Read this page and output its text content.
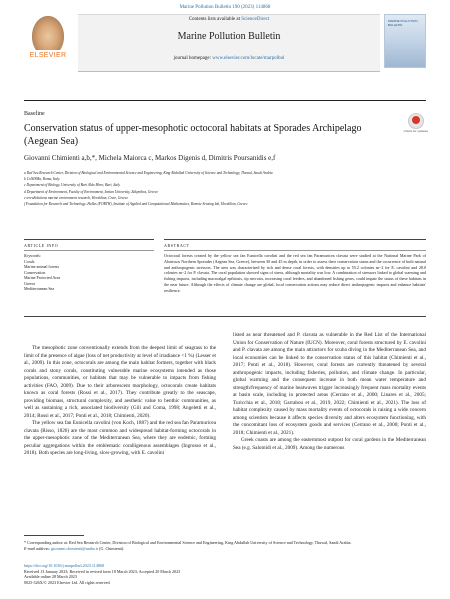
Marine Pollution Bulletin 190 (2023) 114868
ELSEVIER
Contents lists available at ScienceDirect
Marine Pollution Bulletin
journal homepage: www.elsevier.com/locate/marpolbul
MARINE POLLUTION BULLETIN
Baseline
Check for updates
Conservation status of upper-mesophotic octocoral habitats at Sporades Archipelago (Aegean Sea)
Giovanni Chimienti a,b,*, Michela Maiorca c, Markos Digenis d, Dimitris Poursanidis e,f
a Red Sea Research Center, Division of Biological and Environmental Science and Engineering, King Abdullah University of Science and Technology, Thuwal, Saudi Arabia
b CoNISMa, Roma, Italy
c Department of Biology, University of Bari Aldo Moro, Bari, Italy
d Department of Environment, Faculty of Environment, Ionian University, Zakynthos, Greece
e terraSolutions marine environment research, Heraklion, Crete, Greece
f Foundation for Research and Technology–Hellas (FORTH), Institute of Applied and Computational Mathematics, Remote Sensing lab, Heraklion, Greece
ARTICLE INFO	ABSTRACT
Keywords:
Corals
Marine animal forests
Conservation
Marine Protected Area
Greece
Mediterranean Sea
Octocoral forests created by the yellow sea fan Eunicella cavolini and the red sea fan Paramuricea clavata were studied at the National Marine Park of Alonissos Northern Sporades (Aegean Sea, Greece), between 30 and 45 m depth, in order to assess their conservation status and the occurrence of both natural and anthropogenic stressors. The area was characterized by rich and dense coral forests, with densities up to 55.2 colonies m−2 for E. cavolini and 28.0 colonies m−2 for P. clavata. The coral population showed signs of stress, although mortality was low. A combination of stressors linked to global warming and fishing impacts, including macroalgal epibiosis, tip necrosis, increasing coral feeders, and abandoned fishing gears, could impair the status of these habitats in the near future. Although the effects of climate change are global, local conservation actions may reduce direct anthropogenic impacts and enhance habitats' resilience.

The mesophotic zone conventionally extends from the deepest limit of seagrass to the limit of the presence of algae (loss of net productivity at level of irradiance <1 %) (Lesser et al., 2009). In this zone, octocorals are among the main habitat formers, together with black corals and stony corals, constituting vulnerable marine ecosystems intended as those populations, communities, or habitats that may be vulnerable to impacts from fishing activities (FAO, 2009). Due to their arborescent morphology, octocorals create habitats known as coral forests (Rossi et al., 2017). They contribute greatly to the seascape, providing biomass, structural complexity, and aesthetic value to benthic communities, as well as sustaining a rich, associated biodiversity (Gili and Coma, 1998; Angeletti et al., 2014; Rossi et al., 2017; Ponti et al., 2018; Chimienti, 2020).

The yellow sea fan Eunicella cavolini (von Koch, 1887) and the red sea fan Paramuricea clavata (Risso, 1826) are the most common and widespread habitat-forming octocorals in the upper-mesophotic zone of the Mediterranean Sea, where they are endemic, forming peculiar aggregations within the emblematic coralligenous assemblages (Ingrosso et al., 2018). Both species are long-living, slow-growing, with E. cavolini

listed as near threatened and P. clavata as vulnerable in the Red List of the International Union for Conservation of Nature (IUCN). Moreover, coral forests structured by E. cavolini and P. clavata are among the main attractors for scuba diving in the Mediterranean Sea, and local economies can be linked to the conservation status of this habitat (Chimienti et al., 2017; Ponti et al., 2018). However, coral forests are currently threatened by several anthropogenic impacts, including fisheries, pollution, and climate change. In particular, global warming and the consequent increase in both mean water temperature and strength/frequency of marine heatwaves trigger increasingly frequent mass mortality events at basin scale, including in protected areas (Cerrano et al., 2000; Linares et al., 2005; Turicchia et al., 2018; Garrabou et al., 2019, 2022; Chimienti et al., 2021). The loss of habitat complexity caused by mass mortality events of octocorals is raising a wide concern among scientists because it affects species diversity and alters ecosystem functioning, with the concomitant loss of ecosystem goods and services (Cerrano et al., 2000; Ponti et al., 2018; Chimienti et al., 2021).

Greek coasts are among the easternmost outpost for coral gardens in the Mediterranean Sea (e.g. Salomidi et al., 2009). Among the numerous

* Corresponding author at: Red Sea Research Center, Division of Biological and Environmental Science and Engineering, King Abdullah University of Science and Technology, Thuwal, Saudi Arabia.
E-mail address: giovanni.chimienti@uniba.it (G. Chimienti).
https://doi.org/10.1016/j.marpolbul.2023.114868
Received 13 January 2023; Received in revised form 18 March 2023; Accepted 20 March 2023
Available online 28 March 2023
0025-326X/© 2023 Elsevier Ltd. All rights reserved.
